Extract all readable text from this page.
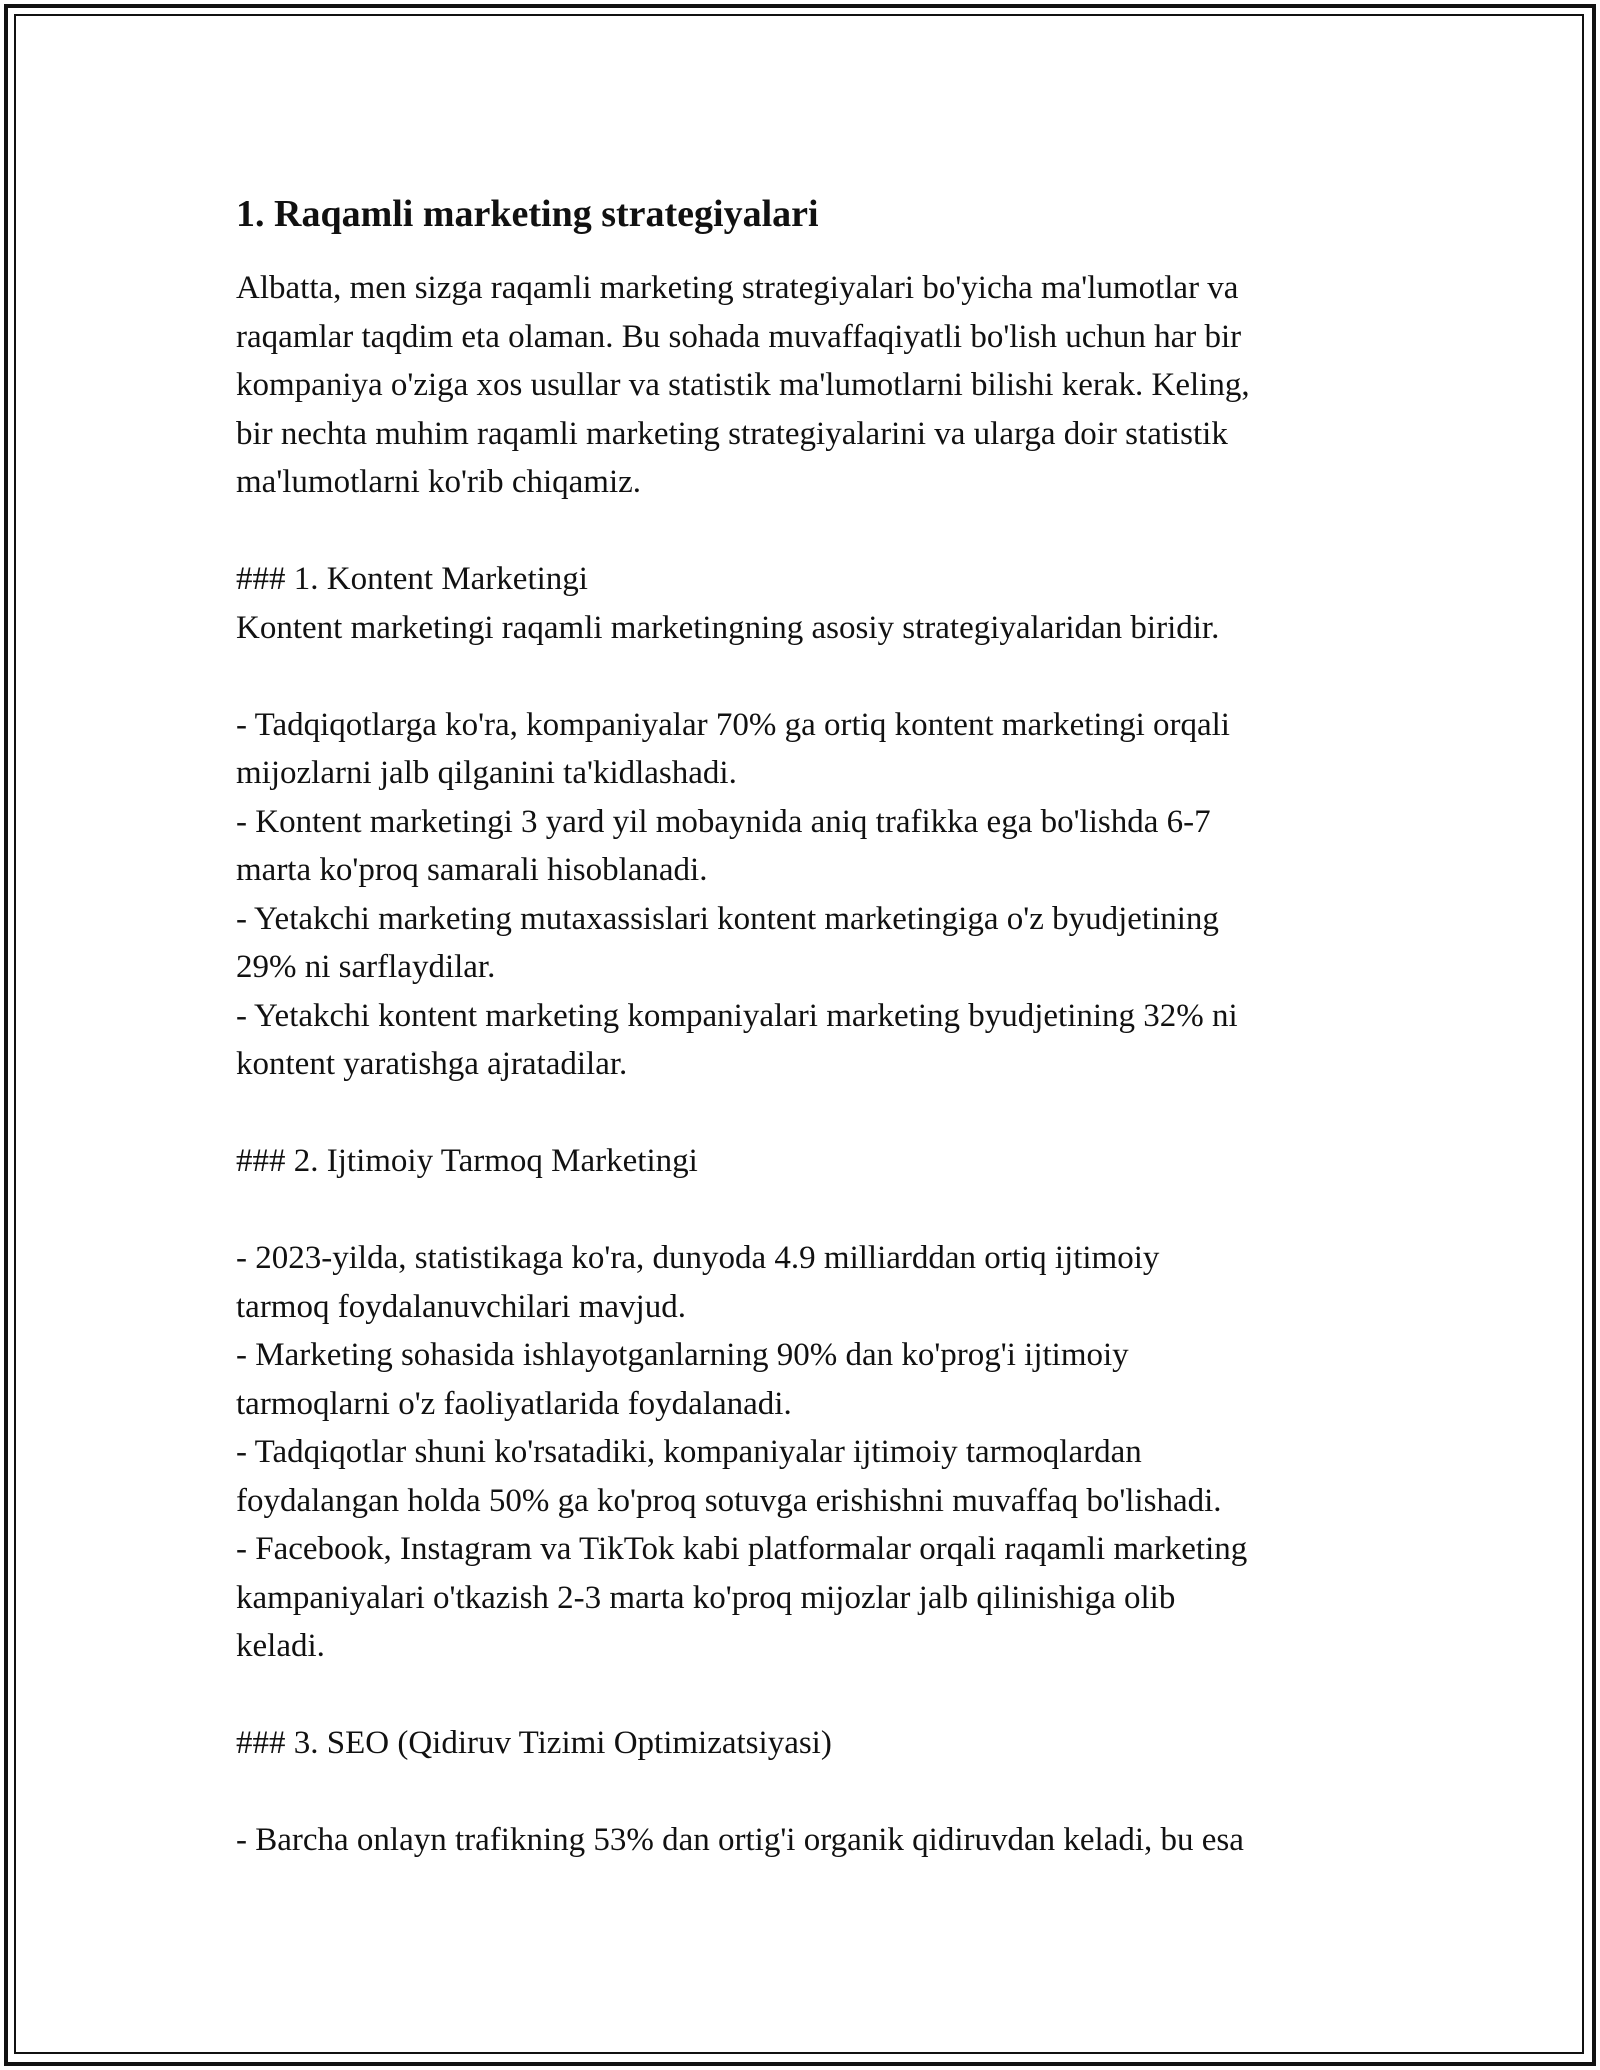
1. Raqamli marketing strategiyalari
Albatta, men sizga raqamli marketing strategiyalari bo'yicha ma'lumotlar va
raqamlar taqdim eta olaman. Bu sohada muvaffaqiyatli bo'lish uchun har bir
kompaniya o'ziga xos usullar va statistik ma'lumotlarni bilishi kerak. Keling,
bir nechta muhim raqamli marketing strategiyalarini va ularga doir statistik
ma'lumotlarni ko'rib chiqamiz.
### 1. Kontent Marketingi
Kontent marketingi raqamli marketingning asosiy strategiyalaridan biridir.
- Tadqiqotlarga ko'ra, kompaniyalar 70% ga ortiq kontent marketingi orqali
mijozlarni jalb qilganini ta'kidlashadi.
- Kontent marketingi 3 yard yil mobaynida aniq trafikka ega bo'lishda 6-7
marta ko'proq samarali hisoblanadi.
- Yetakchi marketing mutaxassislari kontent marketingiga o'z byudjetining
29% ni sarflaydilar.
- Yetakchi kontent marketing kompaniyalari marketing byudjetining 32% ni
kontent yaratishga ajratadilar.
### 2. Ijtimoiy Tarmoq Marketingi
- 2023-yilda, statistikaga ko'ra, dunyoda 4.9 milliarddan ortiq ijtimoiy
tarmoq foydalanuvchilari mavjud.
- Marketing sohasida ishlayotganlarning 90% dan ko'prog'i ijtimoiy
tarmoqlarni o'z faoliyatlarida foydalanadi.
- Tadqiqotlar shuni ko'rsatadiki, kompaniyalar ijtimoiy tarmoqlardan
foydalangan holda 50% ga ko'proq sotuvga erishishni muvaffaq bo'lishadi.
- Facebook, Instagram va TikTok kabi platformalar orqali raqamli marketing
kampaniyalari o'tkazish 2-3 marta ko'proq mijozlar jalb qilinishiga olib
keladi.
### 3. SEO (Qidiruv Tizimi Optimizatsiyasi)
- Barcha onlayn trafikning 53% dan ortig'i organik qidiruvdan keladi, bu esa
